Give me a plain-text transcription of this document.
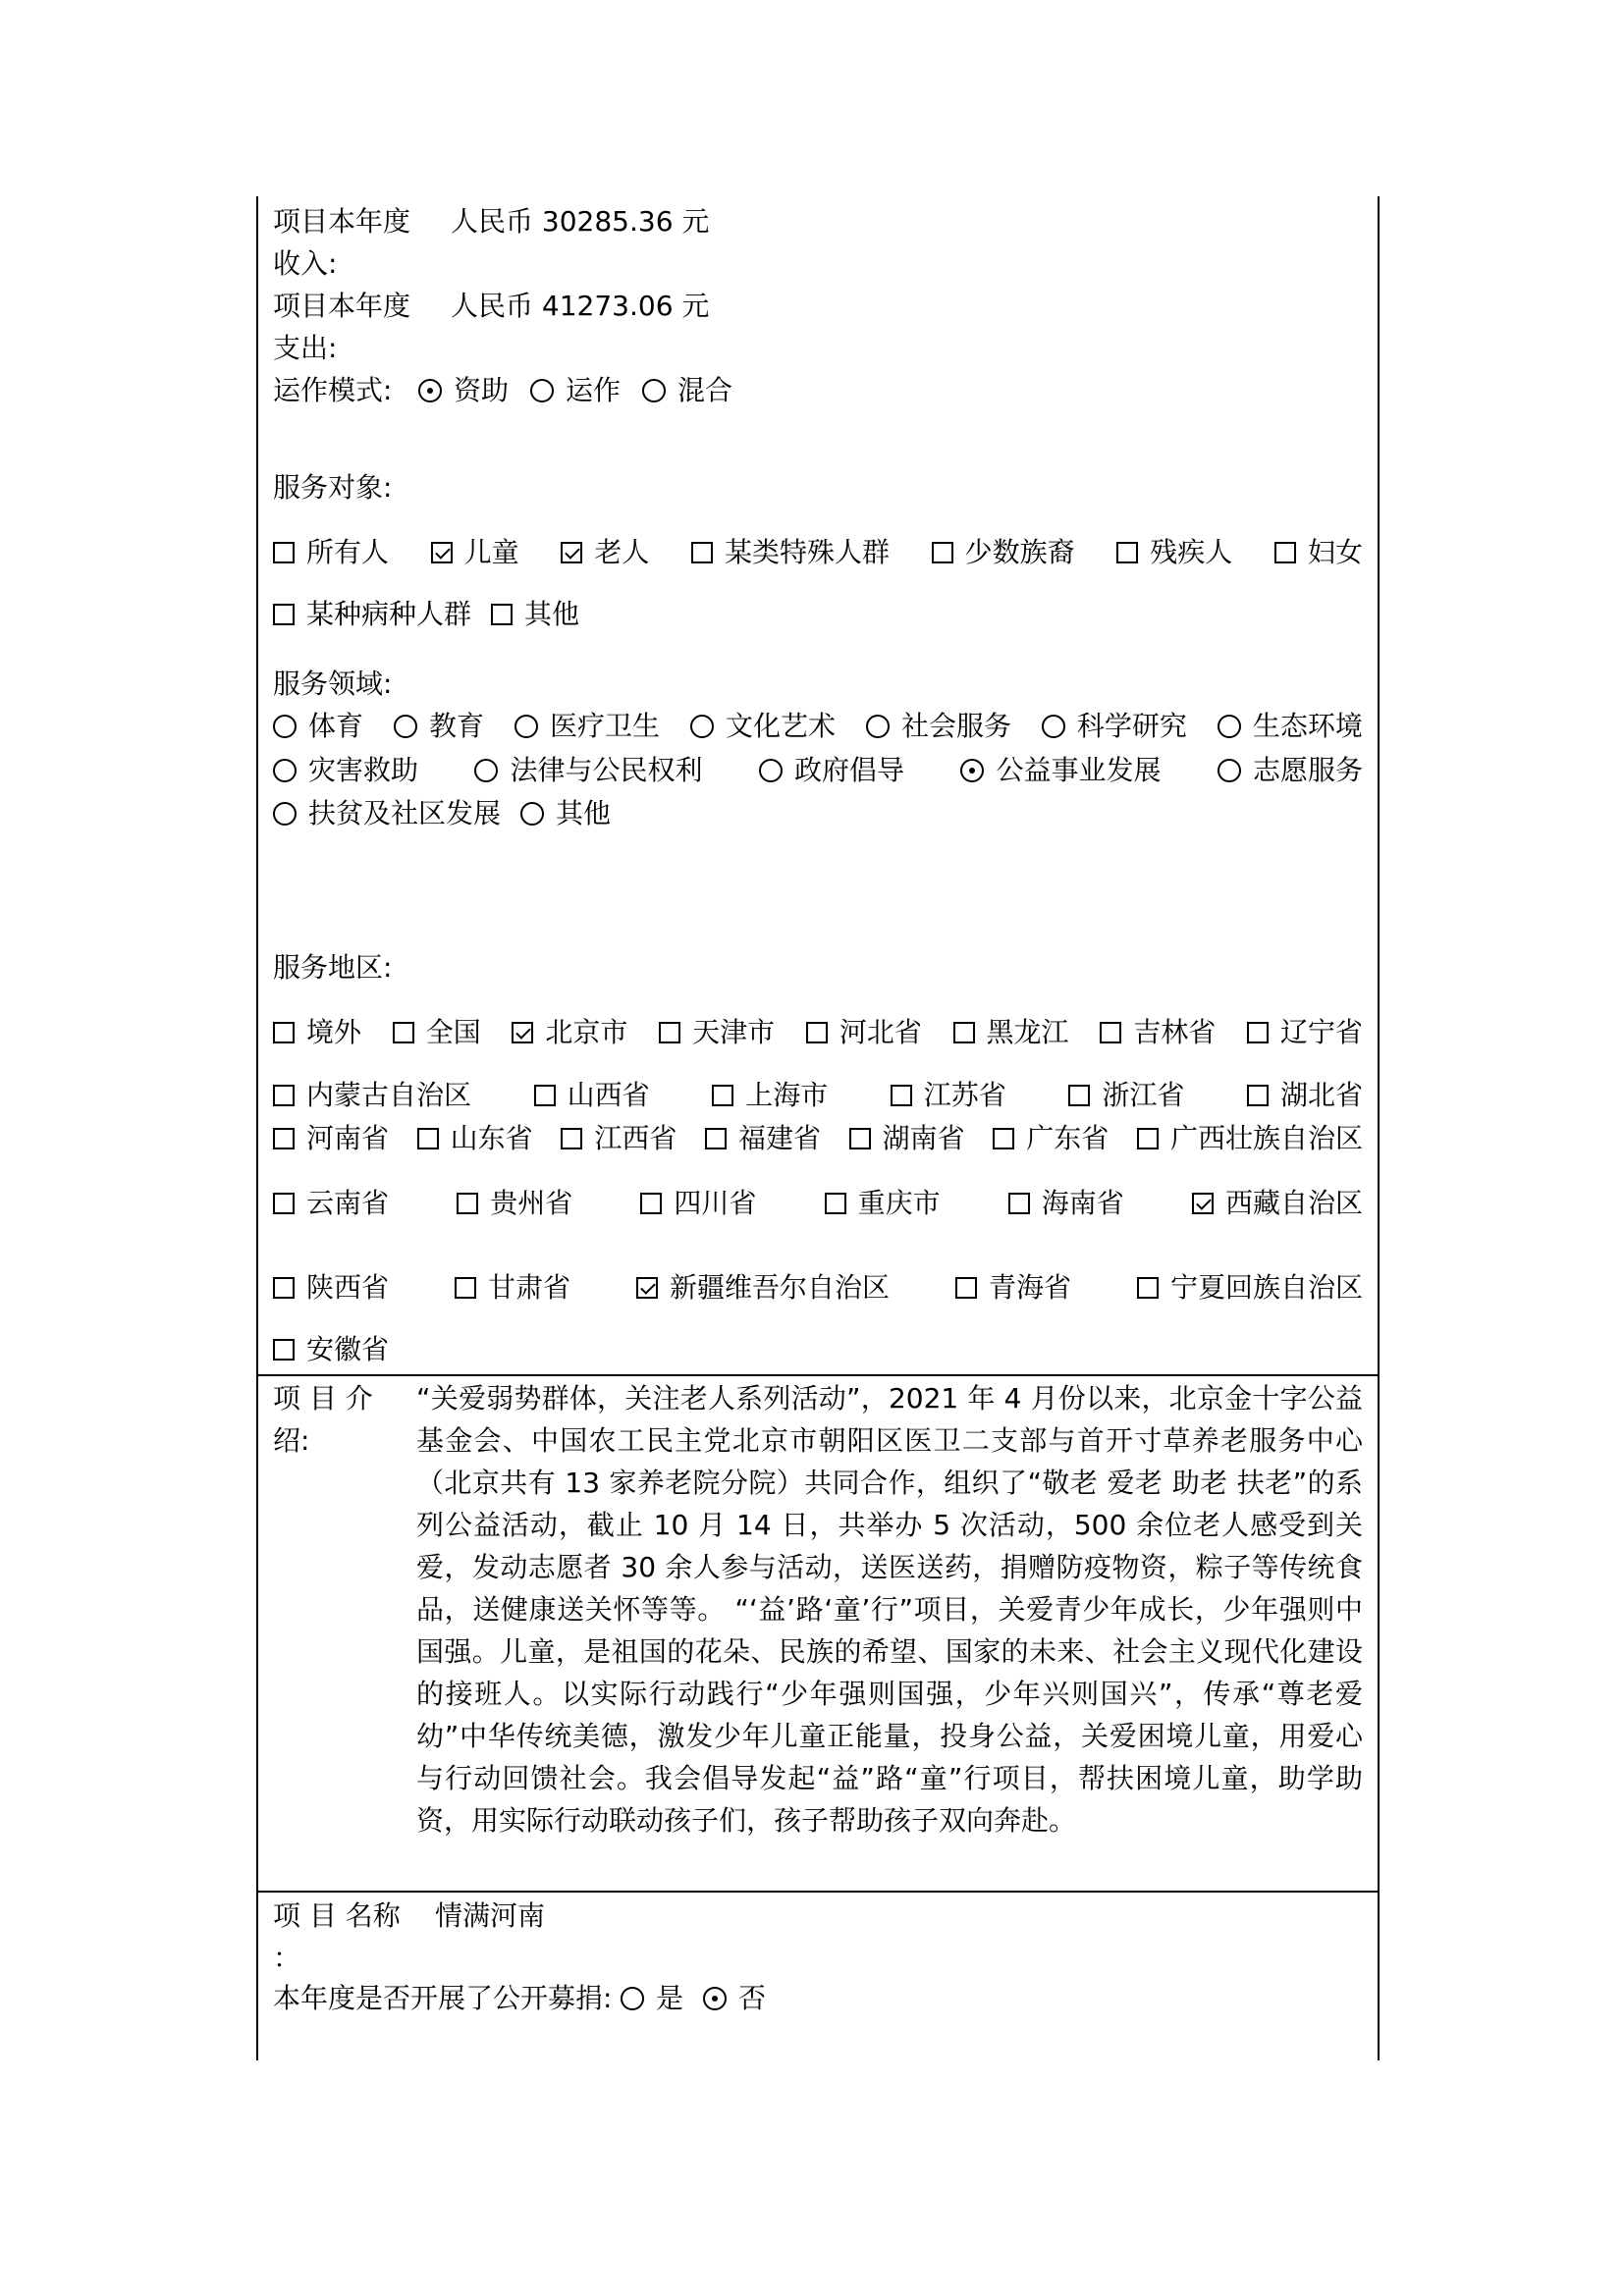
项目本年度收入:
人民币 30285.36 元
项目本年度支出:
人民币 41273.06 元
运作模式: 资助 运作 混合
服务对象:
所有人	儿童	老人	某类特殊人群	少数族裔	残疾人	妇女
某种病种人群 其他
服务领域:
体育 教育 医疗卫生 文化艺术 社会服务 科学研究 生态环境
灾害救助	法律与公民权利	政府倡导	公益事业发展	志愿服务
扶贫及社区发展 其他
服务地区:
境外 全国 北京市 天津市 河北省 黑龙江 吉林省 辽宁省
内蒙古自治区	山西省	上海市	江苏省	浙江省	湖北省
河南省 山东省 江西省 福建省 湖南省 广东省 广西壮族自治区
云南省	贵州省	四川省	重庆市	海南省	西藏自治区
陕西省	甘肃省	新疆维吾尔自治区	青海省	宁夏回族自治区
安徽省
项 目 介绍:
“关爱弱势群体，关注老人系列活动”，2021 年 4 月份以来，北京金十字公益基金会、中国农工民主党北京市朝阳区医卫二支部与首开寸草养老服务中心（北京共有 13 家养老院分院）共同合作，组织了“敬老 爱老 助老 扶老”的系列公益活动，截止 10 月 14 日，共举办 5 次活动，500 余位老人感受到关爱，发动志愿者 30 余人参与活动，送医送药，捐赠防疫物资，粽子等传统食品，送健康送关怀等等。 “‘益’路‘童’行”项目，关爱青少年成长，少年强则中国强。儿童，是祖国的花朵、民族的希望、国家的未来、社会主义现代化建设的接班人。以实际行动践行“少年强则国强，少年兴则国兴”，传承“尊老爱幼”中华传统美德，激发少年儿童正能量，投身公益，关爱困境儿童，用爱心与行动回馈社会。我会倡导发起“益”路“童”行项目，帮扶困境儿童，助学助资，用实际行动联动孩子们，孩子帮助孩子双向奔赴。
项 目 名称 ：
情满河南
本年度是否开展了公开募捐: 是 否
